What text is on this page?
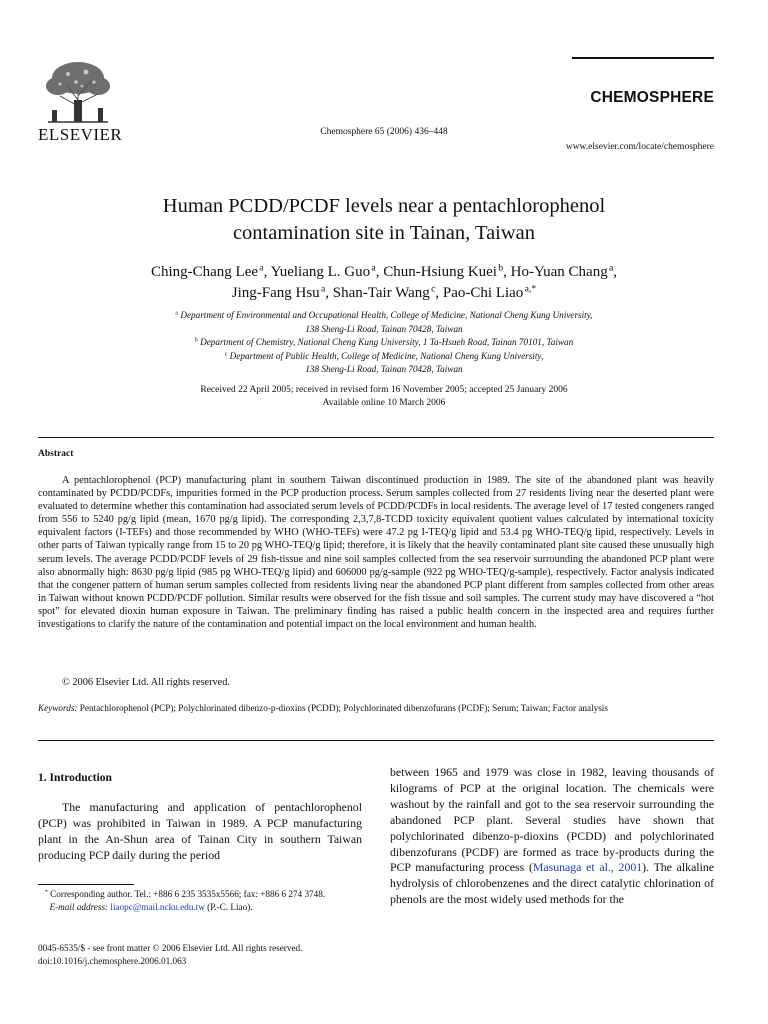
ELSEVIER	Chemosphere 65 (2006) 436–448
CHEMOSPHERE
www.elsevier.com/locate/chemosphere
Human PCDD/PCDF levels near a pentachlorophenol
contamination site in Tainan, Taiwan
Ching-Chang Lee $^a$, Yueliang L. Guo $^a$, Chun-Hsiung Kuei $^b$, Ho-Yuan Chang $^a$,
Jing-Fang Hsu $^a$, Shan-Tair Wang $^c$, Pao-Chi Liao $^{a,*}$
$^a$ Department of Environmental and Occupational Health, College of Medicine, National Cheng Kung University,
138 Sheng-Li Road, Tainan 70428, Taiwan
$^b$ Department of Chemistry, National Cheng Kung University, 1 Ta-Hsueh Road, Tainan 70101, Taiwan
$^c$ Department of Public Health, College of Medicine, National Cheng Kung University,
138 Sheng-Li Road, Tainan 70428, Taiwan
Received 22 April 2005; received in revised form 16 November 2005; accepted 25 January 2006
Available online 10 March 2006
Abstract
A pentachlorophenol (PCP) manufacturing plant in southern Taiwan discontinued production in 1989. The site of the abandoned plant was heavily contaminated by PCDD/PCDFs, impurities formed in the PCP production process. Serum samples collected from 27 residents living near the deserted plant were evaluated to determine whether this contamination had associated serum levels of PCDD/PCDFs in local residents. The average level of 17 tested congeners ranged from 556 to 5240 pg/g lipid (mean, 1670 pg/g lipid). The corresponding 2,3,7,8-TCDD toxicity equivalent quotient values calculated by international toxicity equivalent factors (I-TEFs) and those recommended by WHO (WHO-TEFs) were 47.2 pg I-TEQ/g lipid and 53.4 pg WHO-TEQ/g lipid, respectively. Levels in other parts of Taiwan typically range from 15 to 20 pg WHO-TEQ/g lipid; therefore, it is likely that the heavily contaminated plant site caused these unusually high serum levels. The average PCDD/PCDF levels of 29 fish-tissue and nine soil samples collected from the sea reservoir surrounding the abandoned PCP plant were also abnormally high: 8630 pg/g lipid (985 pg WHO-TEQ/g lipid) and 606000 pg/g-sample (922 pg WHO-TEQ/g-sample), respectively. Factor analysis indicated that the congener pattern of human serum samples collected from residents living near the abandoned PCP plant different from samples collected from other areas in Taiwan without known PCDD/PCDF pollution. Similar results were observed for the fish tissue and soil samples. The current study may have discovered a “hot spot” for elevated dioxin human exposure in Taiwan. The preliminary finding has raised a public health concern in the inspected area and requires further investigations to clarify the nature of the contamination and potential impact on the local environment and human health.
© 2006 Elsevier Ltd. All rights reserved.
Keywords: Pentachlorophenol (PCP); Polychlorinated dibenzo-p-dioxins (PCDD); Polychlorinated dibenzofurans (PCDF); Serum; Taiwan; Factor analysis
1. Introduction
The manufacturing and application of pentachlorophenol (PCP) was prohibited in Taiwan in 1989. A PCP manufacturing plant in the An-Shun area of Tainan City in southern Taiwan producing PCP daily during the period
between 1965 and 1979 was close in 1982, leaving thousands of kilograms of PCP at the original location. The chemicals were washout by the rainfall and got to the sea reservoir surrounding the abandoned PCP plant. Several studies have shown that polychlorinated dibenzo-p-dioxins (PCDD) and polychlorinated dibenzofurans (PCDF) are formed as trace by-products during the PCP manufacturing process (Masunaga et al., 2001). The alkaline hydrolysis of chlorobenzenes and the direct catalytic chlorination of phenols are the most widely used methods for the
* Corresponding author. Tel.: +886 6 235 3535x5566; fax: +886 6 274 3748.
E-mail address: liaopc@mail.ncku.edu.tw (P.-C. Liao).
0045-6535/$ - see front matter © 2006 Elsevier Ltd. All rights reserved.
doi:10.1016/j.chemosphere.2006.01.063
